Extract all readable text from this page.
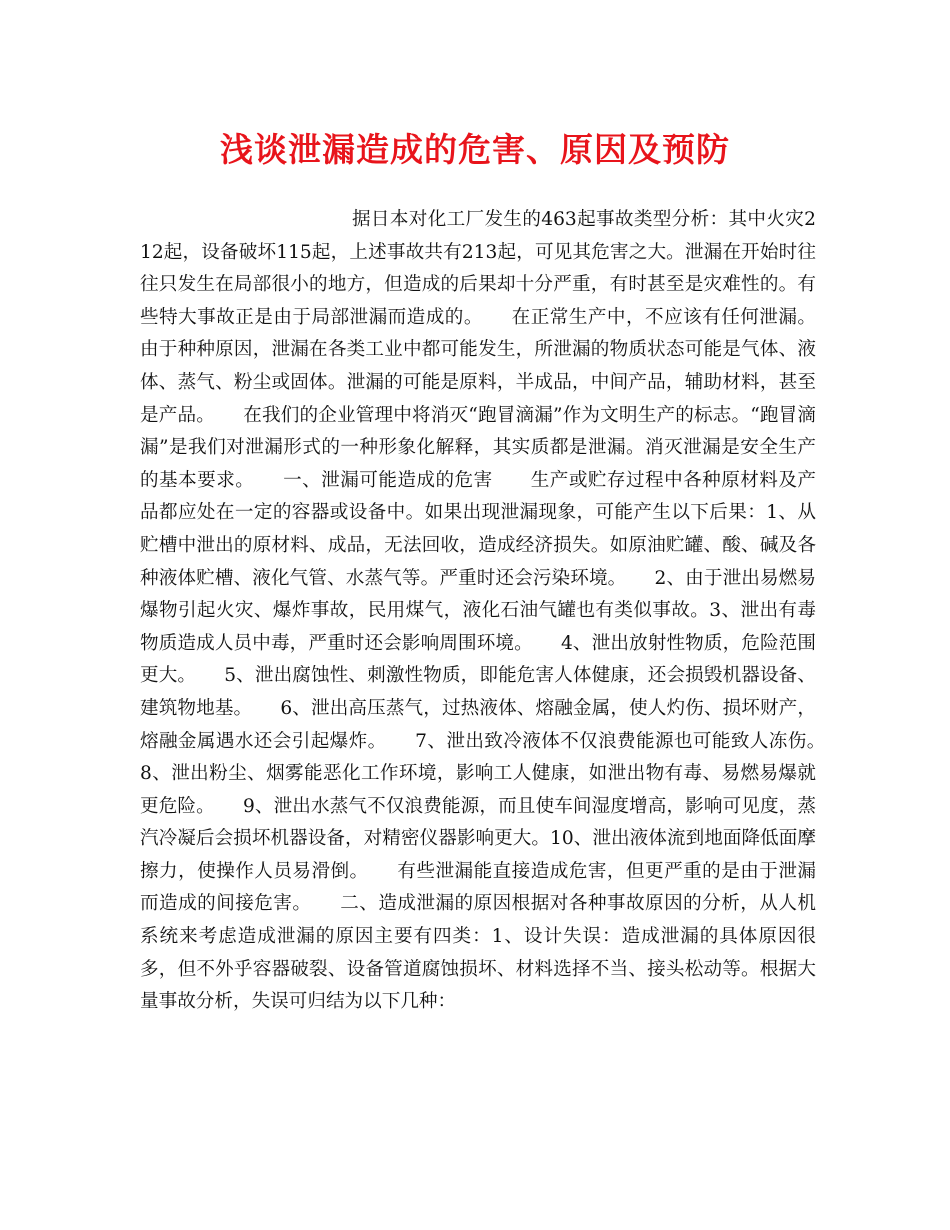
浅谈泄漏造成的危害、原因及预防

据日本对化工厂发生的463起事故类型分析：其中火灾212起，设备破坏115起，上述事故共有213起，可见其危害之大。泄漏在开始时往往只发生在局部很小的地方，但造成的后果却十分严重，有时甚至是灾难性的。有些特大事故正是由于局部泄漏而造成的。　　在正常生产中，不应该有任何泄漏。由于种种原因，泄漏在各类工业中都可能发生，所泄漏的物质状态可能是气体、液体、蒸气、粉尘或固体。泄漏的可能是原料，半成品，中间产品，辅助材料，甚至是产品。　　在我们的企业管理中将消灭“跑冒滴漏”作为文明生产的标志。“跑冒滴漏”是我们对泄漏形式的一种形象化解释，其实质都是泄漏。消灭泄漏是安全生产的基本要求。　　一、泄漏可能造成的危害　　生产或贮存过程中各种原材料及产品都应处在一定的容器或设备中。如果出现泄漏现象，可能产生以下后果：1、从贮槽中泄出的原材料、成品，无法回收，造成经济损失。如原油贮罐、酸、碱及各种液体贮槽、液化气管、水蒸气等。严重时还会污染环境。　　2、由于泄出易燃易爆物引起火灾、爆炸事故，民用煤气，液化石油气罐也有类似事故。3、泄出有毒物质造成人员中毒，严重时还会影响周围环境。　　4、泄出放射性物质，危险范围更大。　　5、泄出腐蚀性、刺激性物质，即能危害人体健康，还会损毁机器设备、建筑物地基。　　6、泄出高压蒸气，过热液体、熔融金属，使人灼伤、损坏财产，熔融金属遇水还会引起爆炸。　　7、泄出致冷液体不仅浪费能源也可能致人冻伤。　　8、泄出粉尘、烟雾能恶化工作环境，影响工人健康，如泄出物有毒、易燃易爆就更危险。　　9、泄出水蒸气不仅浪费能源，而且使车间湿度增高，影响可见度，蒸汽冷凝后会损坏机器设备，对精密仪器影响更大。10、泄出液体流到地面降低面摩擦力，使操作人员易滑倒。　　有些泄漏能直接造成危害，但更严重的是由于泄漏而造成的间接危害。　　二、造成泄漏的原因根据对各种事故原因的分析，从人机系统来考虑造成泄漏的原因主要有四类：1、设计失误：造成泄漏的具体原因很多，但不外乎容器破裂、设备管道腐蚀损坏、材料选择不当、接头松动等。根据大量事故分析，失误可归结为以下几种：
